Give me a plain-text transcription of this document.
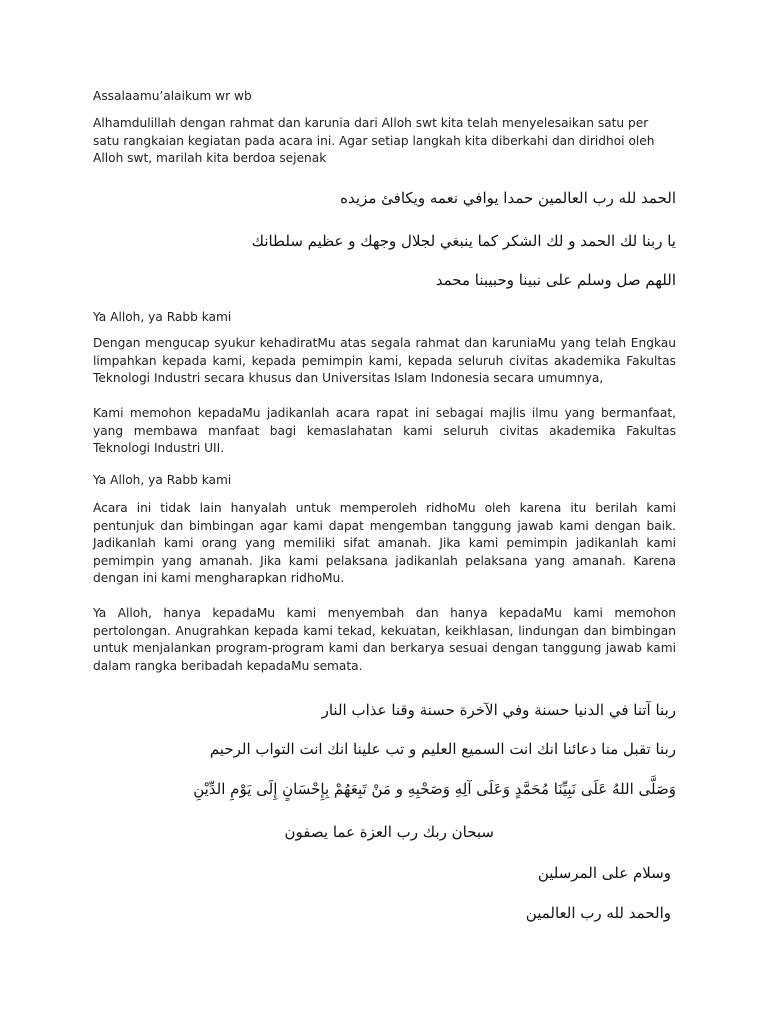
Assalaamu’alaikum wr wb

Alhamdulillah dengan rahmat dan karunia dari Alloh swt kita telah menyelesaikan satu per satu rangkaian kegiatan pada acara ini. Agar setiap langkah kita diberkahi dan diridhoi oleh Alloh swt, marilah kita berdoa sejenak

الحمد لله رب العالمين حمدا يوافي نعمه ويكافئ مزيده
يا ربنا لك الحمد و لك الشكر كما ينبغي لجلال وجهك و عظيم سلطانك
اللهم صل وسلم على نبينا وحبيبنا محمد

Ya Alloh, ya Rabb kami

Dengan mengucap syukur kehadiratMu atas segala rahmat dan karuniaMu yang telah Engkau limpahkan kepada kami, kepada pemimpin kami, kepada seluruh civitas akademika Fakultas Teknologi Industri secara khusus dan Universitas Islam Indonesia secara umumnya,

Kami memohon kepadaMu jadikanlah acara rapat ini sebagai majlis ilmu yang bermanfaat, yang membawa manfaat bagi kemaslahatan kami seluruh civitas akademika Fakultas Teknologi Industri UII.

Ya Alloh, ya Rabb kami

Acara ini tidak lain hanyalah untuk memperoleh ridhoMu oleh karena itu berilah kami pentunjuk dan bimbingan agar kami dapat mengemban tanggung jawab kami dengan baik. Jadikanlah kami orang yang memiliki sifat amanah. Jika kami pemimpin jadikanlah kami pemimpin yang amanah. Jika kami pelaksana jadikanlah pelaksana yang amanah. Karena dengan ini kami mengharapkan ridhoMu.

Ya Alloh, hanya kepadaMu kami menyembah dan hanya kepadaMu kami memohon pertolongan. Anugrahkan kepada kami tekad, kekuatan, keikhlasan, lindungan dan bimbingan untuk menjalankan program-program kami dan berkarya sesuai dengan tanggung jawab kami dalam rangka beribadah kepadaMu semata.

ربنا آتنا في الدنيا حسنة وفي الآخرة حسنة وقنا عذاب النار
ربنا تقبل منا دعائنا انك انت السميع العليم و تب علينا انك انت التواب الرحيم
وَصَلَّى اللهُ عَلَى نَبِيِّنَا مُحَمَّدٍ وَعَلَى آلِهِ وَصَحْبِهِ و مَنْ تَبِعَهُمْ بِإِحْسَانٍ إِلَى يَوْمِ الدِّيْنِ
سبحان ربك رب العزة عما يصفون
وسلام على المرسلين
والحمد لله رب العالمين
